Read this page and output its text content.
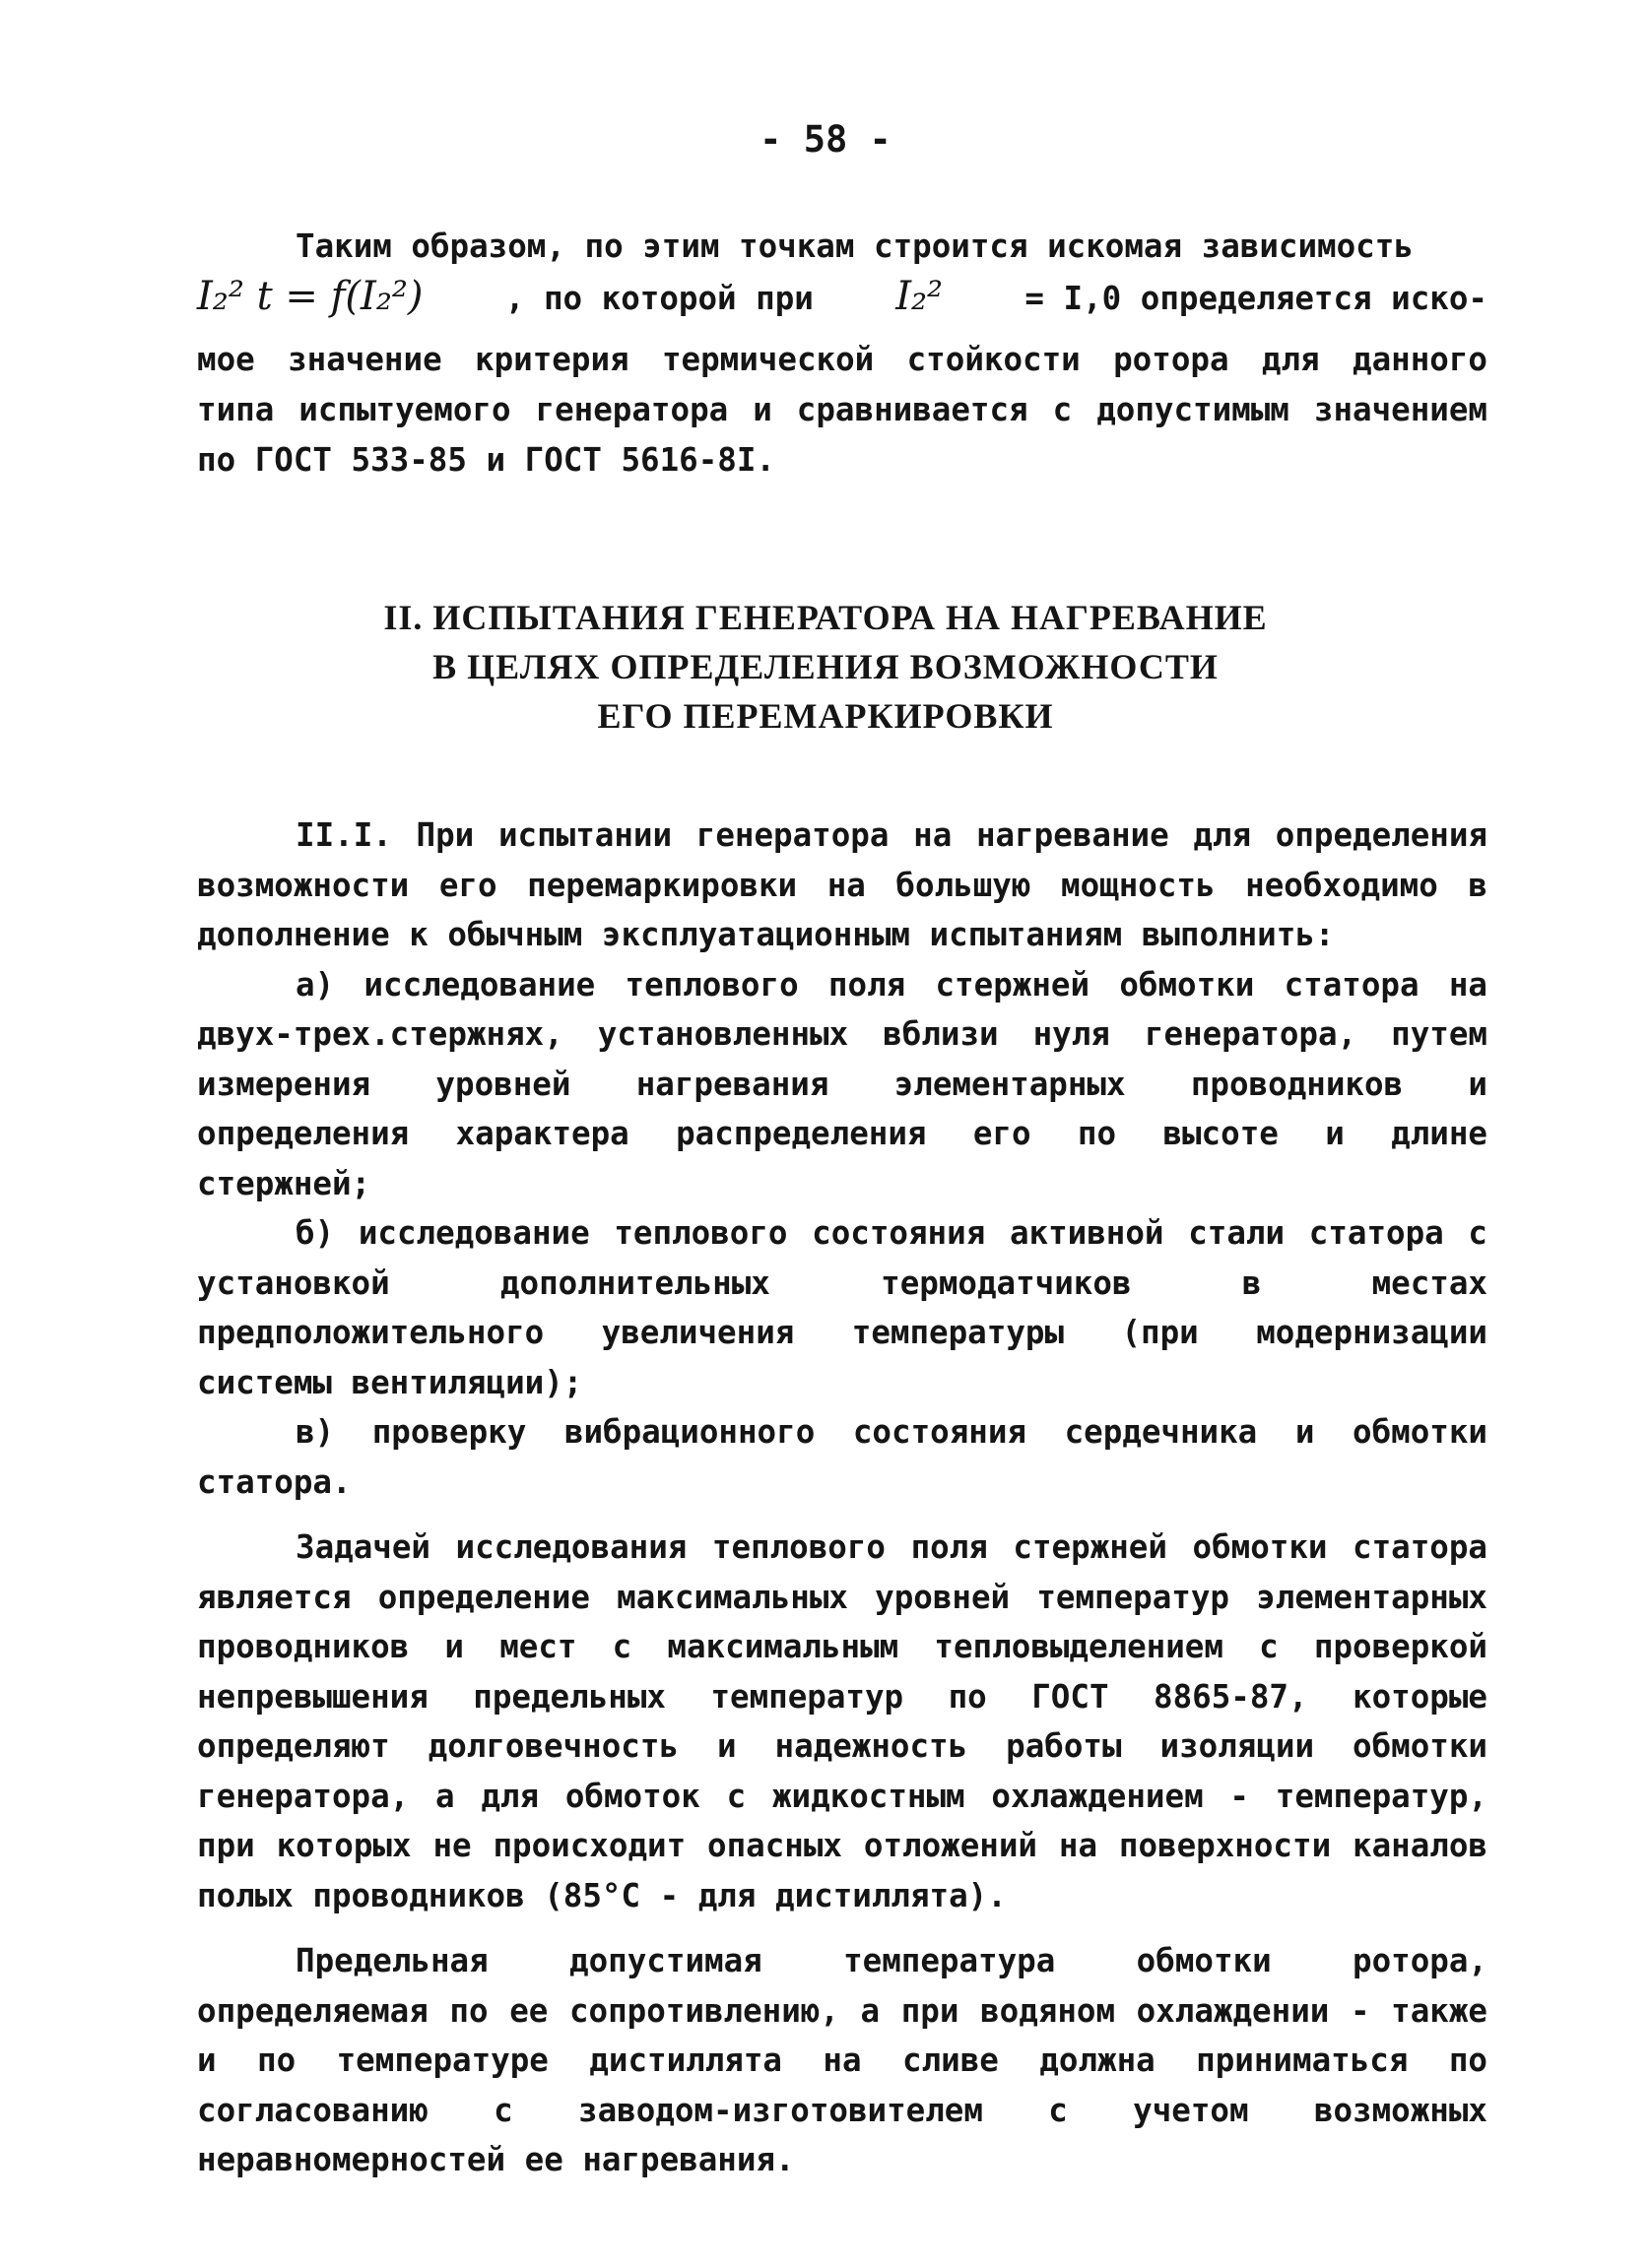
- 58 -

Таким образом, по этим точкам строится искомая зависимость

I₂² t = f(I₂²)	, по которой при I₂²	= I,0 определяется иско-

мое значение критерия термической стойкости ротора для данного типа испытуемого генератора и сравнивается с допустимым значением по ГОСТ 533-85 и ГОСТ 5616-8I.

II. ИСПЫТАНИЯ ГЕНЕРАТОРА НА НАГРЕВАНИЕ
В ЦЕЛЯХ ОПРЕДЕЛЕНИЯ ВОЗМОЖНОСТИ
ЕГО ПЕРЕМАРКИРОВКИ

II.I. При испытании генератора на нагревание для определения возможности его перемаркировки на большую мощность необходимо в дополнение к обычным эксплуатационным испытаниям выполнить:

а) исследование теплового поля стержней обмотки статора на двух-трех.стержнях, установленных вблизи нуля генератора, путем измерения уровней нагревания элементарных проводников и определения характера распределения его по высоте и длине стержней;

б) исследование теплового состояния активной стали статора с установкой дополнительных термодатчиков в местах предположительного увеличения температуры (при модернизации системы вентиляции);

в) проверку вибрационного состояния сердечника и обмотки статора.

Задачей исследования теплового поля стержней обмотки статора является определение максимальных уровней температур элементарных проводников и мест с максимальным тепловыделением с проверкой непревышения предельных температур по ГОСТ 8865-87, которые определяют долговечность и надежность работы изоляции обмотки генератора, а для обмоток с жидкостным охлаждением - температур, при которых не происходит опасных отложений на поверхности каналов полых проводников (85°С - для дистиллята).

Предельная допустимая температура обмотки ротора, определяемая по ее сопротивлению, а при водяном охлаждении - также и по температуре дистиллята на сливе должна приниматься по согласованию с заводом-изготовителем с учетом возможных неравномерностей ее нагревания.
